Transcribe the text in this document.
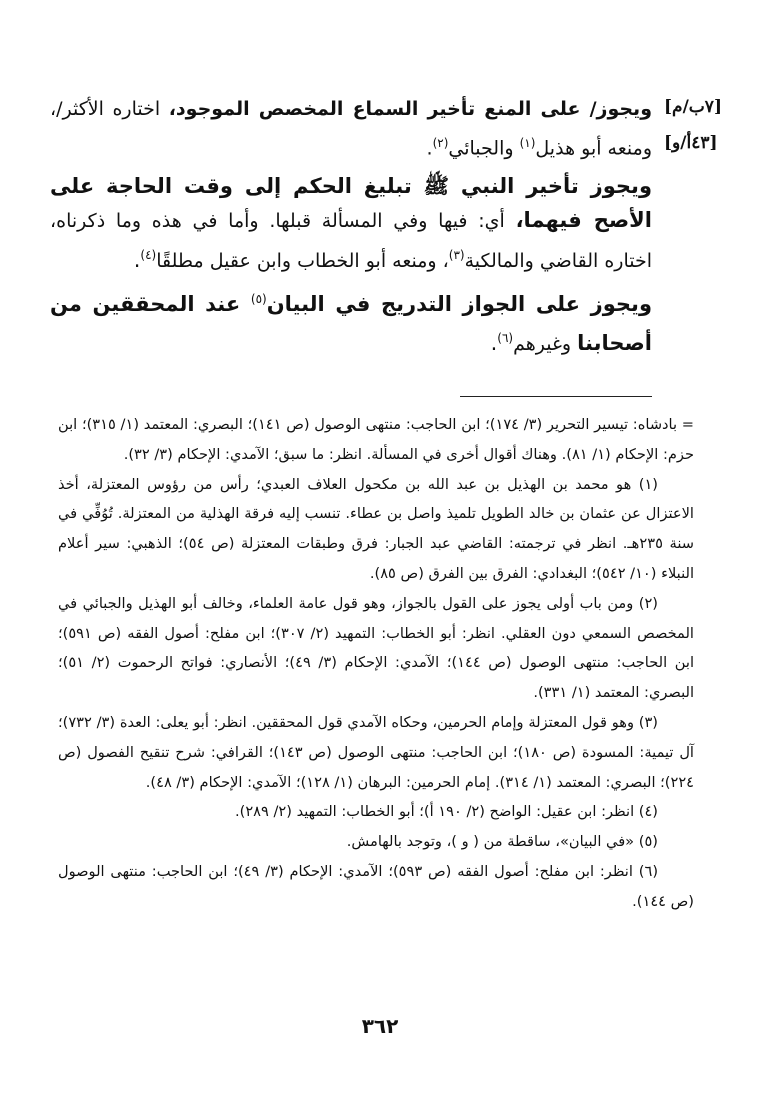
[٧ب/م]
[٤٣أ/و]

ويجوز/ على المنع تأخير السماع المخصص الموجود، اختاره الأكثر/، ومنعه أبو هذيل$^{(١)}$ والجبائي$^{(٢)}$.

ويجوز تأخير النبي ﷺ تبليغ الحكم إلى وقت الحاجة على الأصح فيهما، أي: فيها وفي المسألة قبلها. وأما في هذه وما ذكرناه، اختاره القاضي والمالكية$^{(٣)}$، ومنعه أبو الخطاب وابن عقيل مطلقًا$^{(٤)}$.

ويجوز على الجواز التدريج في البيان$^{(٥)}$ عند المحققين من أصحابنا وغيرهم$^{(٦)}$.

= بادشاه: تيسير التحرير (٣/ ١٧٤)؛ ابن الحاجب: منتهى الوصول (ص ١٤١)؛ البصري: المعتمد (١/ ٣١٥)؛ ابن حزم: الإحكام (١/ ٨١). وهناك أقوال أخرى في المسألة. انظر: ما سبق؛ الآمدي: الإحكام (٣/ ٣٢).

(١) هو محمد بن الهذيل بن عبد الله بن مكحول العلاف العبدي؛ رأس من رؤوس المعتزلة، أخذ الاعتزال عن عثمان بن خالد الطويل تلميذ واصل بن عطاء. تنسب إليه فرقة الهذلية من المعتزلة. تُوُفِّي في سنة ٢٣٥هـ. انظر في ترجمته: القاضي عبد الجبار: فرق وطبقات المعتزلة (ص ٥٤)؛ الذهبي: سير أعلام النبلاء (١٠/ ٥٤٢)؛ البغدادي: الفرق بين الفرق (ص ٨٥).

(٢) ومن باب أولى يجوز على القول بالجواز، وهو قول عامة العلماء، وخالف أبو الهذيل والجبائي في المخصص السمعي دون العقلي. انظر: أبو الخطاب: التمهيد (٢/ ٣٠٧)؛ ابن مفلح: أصول الفقه (ص ٥٩١)؛ ابن الحاجب: منتهى الوصول (ص ١٤٤)؛ الآمدي: الإحكام (٣/ ٤٩)؛ الأنصاري: فواتح الرحموت (٢/ ٥١)؛ البصري: المعتمد (١/ ٣٣١).

(٣) وهو قول المعتزلة وإمام الحرمين، وحكاه الآمدي قول المحققين. انظر: أبو يعلى: العدة (٣/ ٧٣٢)؛ آل تيمية: المسودة (ص ١٨٠)؛ ابن الحاجب: منتهى الوصول (ص ١٤٣)؛ القرافي: شرح تنقيح الفصول (ص ٢٢٤)؛ البصري: المعتمد (١/ ٣١٤). إمام الحرمين: البرهان (١/ ١٢٨)؛ الآمدي: الإحكام (٣/ ٤٨).

(٤) انظر: ابن عقيل: الواضح (٢/ ١٩٠ أ)؛ أبو الخطاب: التمهيد (٢/ ٢٨٩).

(٥) «في البيان»، ساقطة من ( و )، وتوجد بالهامش.

(٦) انظر: ابن مفلح: أصول الفقه (ص ٥٩٣)؛ الآمدي: الإحكام (٣/ ٤٩)؛ ابن الحاجب: منتهى الوصول (ص ١٤٤).

٣٦٢
